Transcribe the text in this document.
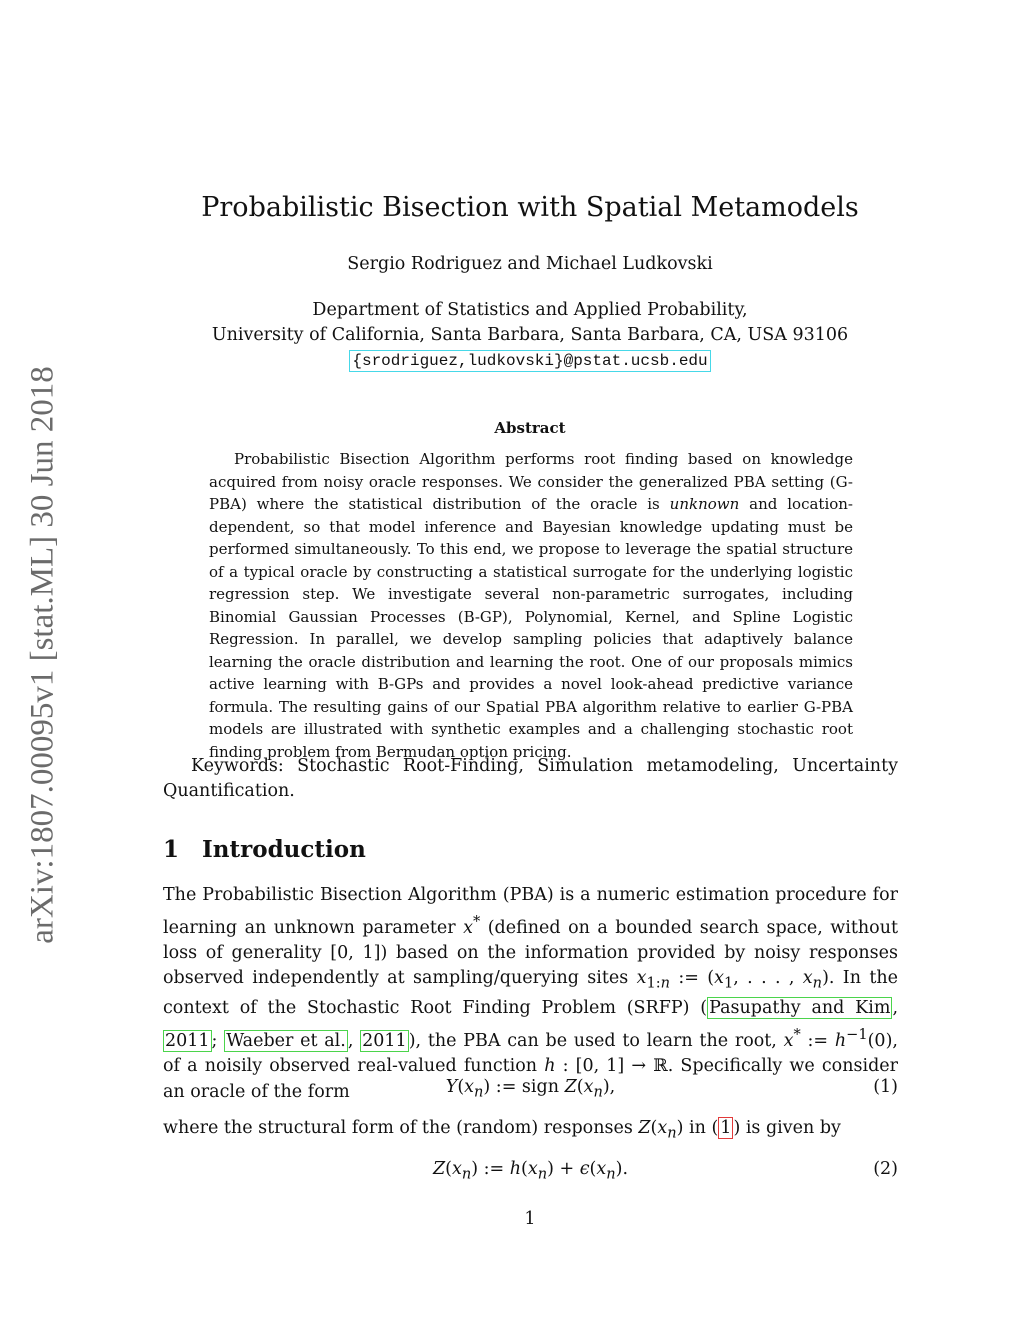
arXiv:1807.00095v1 [stat.ML] 30 Jun 2018
Probabilistic Bisection with Spatial Metamodels
Sergio Rodriguez and Michael Ludkovski
Department of Statistics and Applied Probability,
University of California, Santa Barbara, Santa Barbara, CA, USA 93106
{srodriguez,ludkovski}@pstat.ucsb.edu
Abstract

Probabilistic Bisection Algorithm performs root finding based on knowledge acquired from noisy oracle responses. We consider the generalized PBA setting (G-PBA) where the statistical distribution of the oracle is unknown and location-dependent, so that model inference and Bayesian knowledge updating must be performed simultaneously. To this end, we propose to leverage the spatial structure of a typical oracle by constructing a statistical surrogate for the underlying logistic regression step. We investigate several non-parametric surrogates, including Binomial Gaussian Processes (B-GP), Polynomial, Kernel, and Spline Logistic Regression. In parallel, we develop sampling policies that adaptively balance learning the oracle distribution and learning the root. One of our proposals mimics active learning with B-GPs and provides a novel look-ahead predictive variance formula. The resulting gains of our Spatial PBA algorithm relative to earlier G-PBA models are illustrated with synthetic examples and a challenging stochastic root finding problem from Bermudan option pricing.

Keywords: Stochastic Root-Finding, Simulation metamodeling, Uncertainty Quantification.

1 Introduction

The Probabilistic Bisection Algorithm (PBA) is a numeric estimation procedure for learning an unknown parameter x* (defined on a bounded search space, without loss of generality [0, 1]) based on the information provided by noisy responses observed independently at sampling/querying sites $x_{1:n}$ := ($x_1$, . . . , $x_n$). In the context of the Stochastic Root Finding Problem (SRFP) ( Pasupathy and Kim , 2011 ; Waeber et al. , 2011 ), the PBA can be used to learn the root, x* := $h^{-1}(0)$, of a noisily observed real-valued function h : [0, 1] → ℝ. Specifically we consider an oracle of the form	$Y(x_n)$ := sign $Z(x_n)$,	(1)

where the structural form of the (random) responses $Z(x_n)$ in ( 1 ) is given by

$Z(x_n)$ := $h(x_n) + \epsilon(x_n)$.	(2)
1
